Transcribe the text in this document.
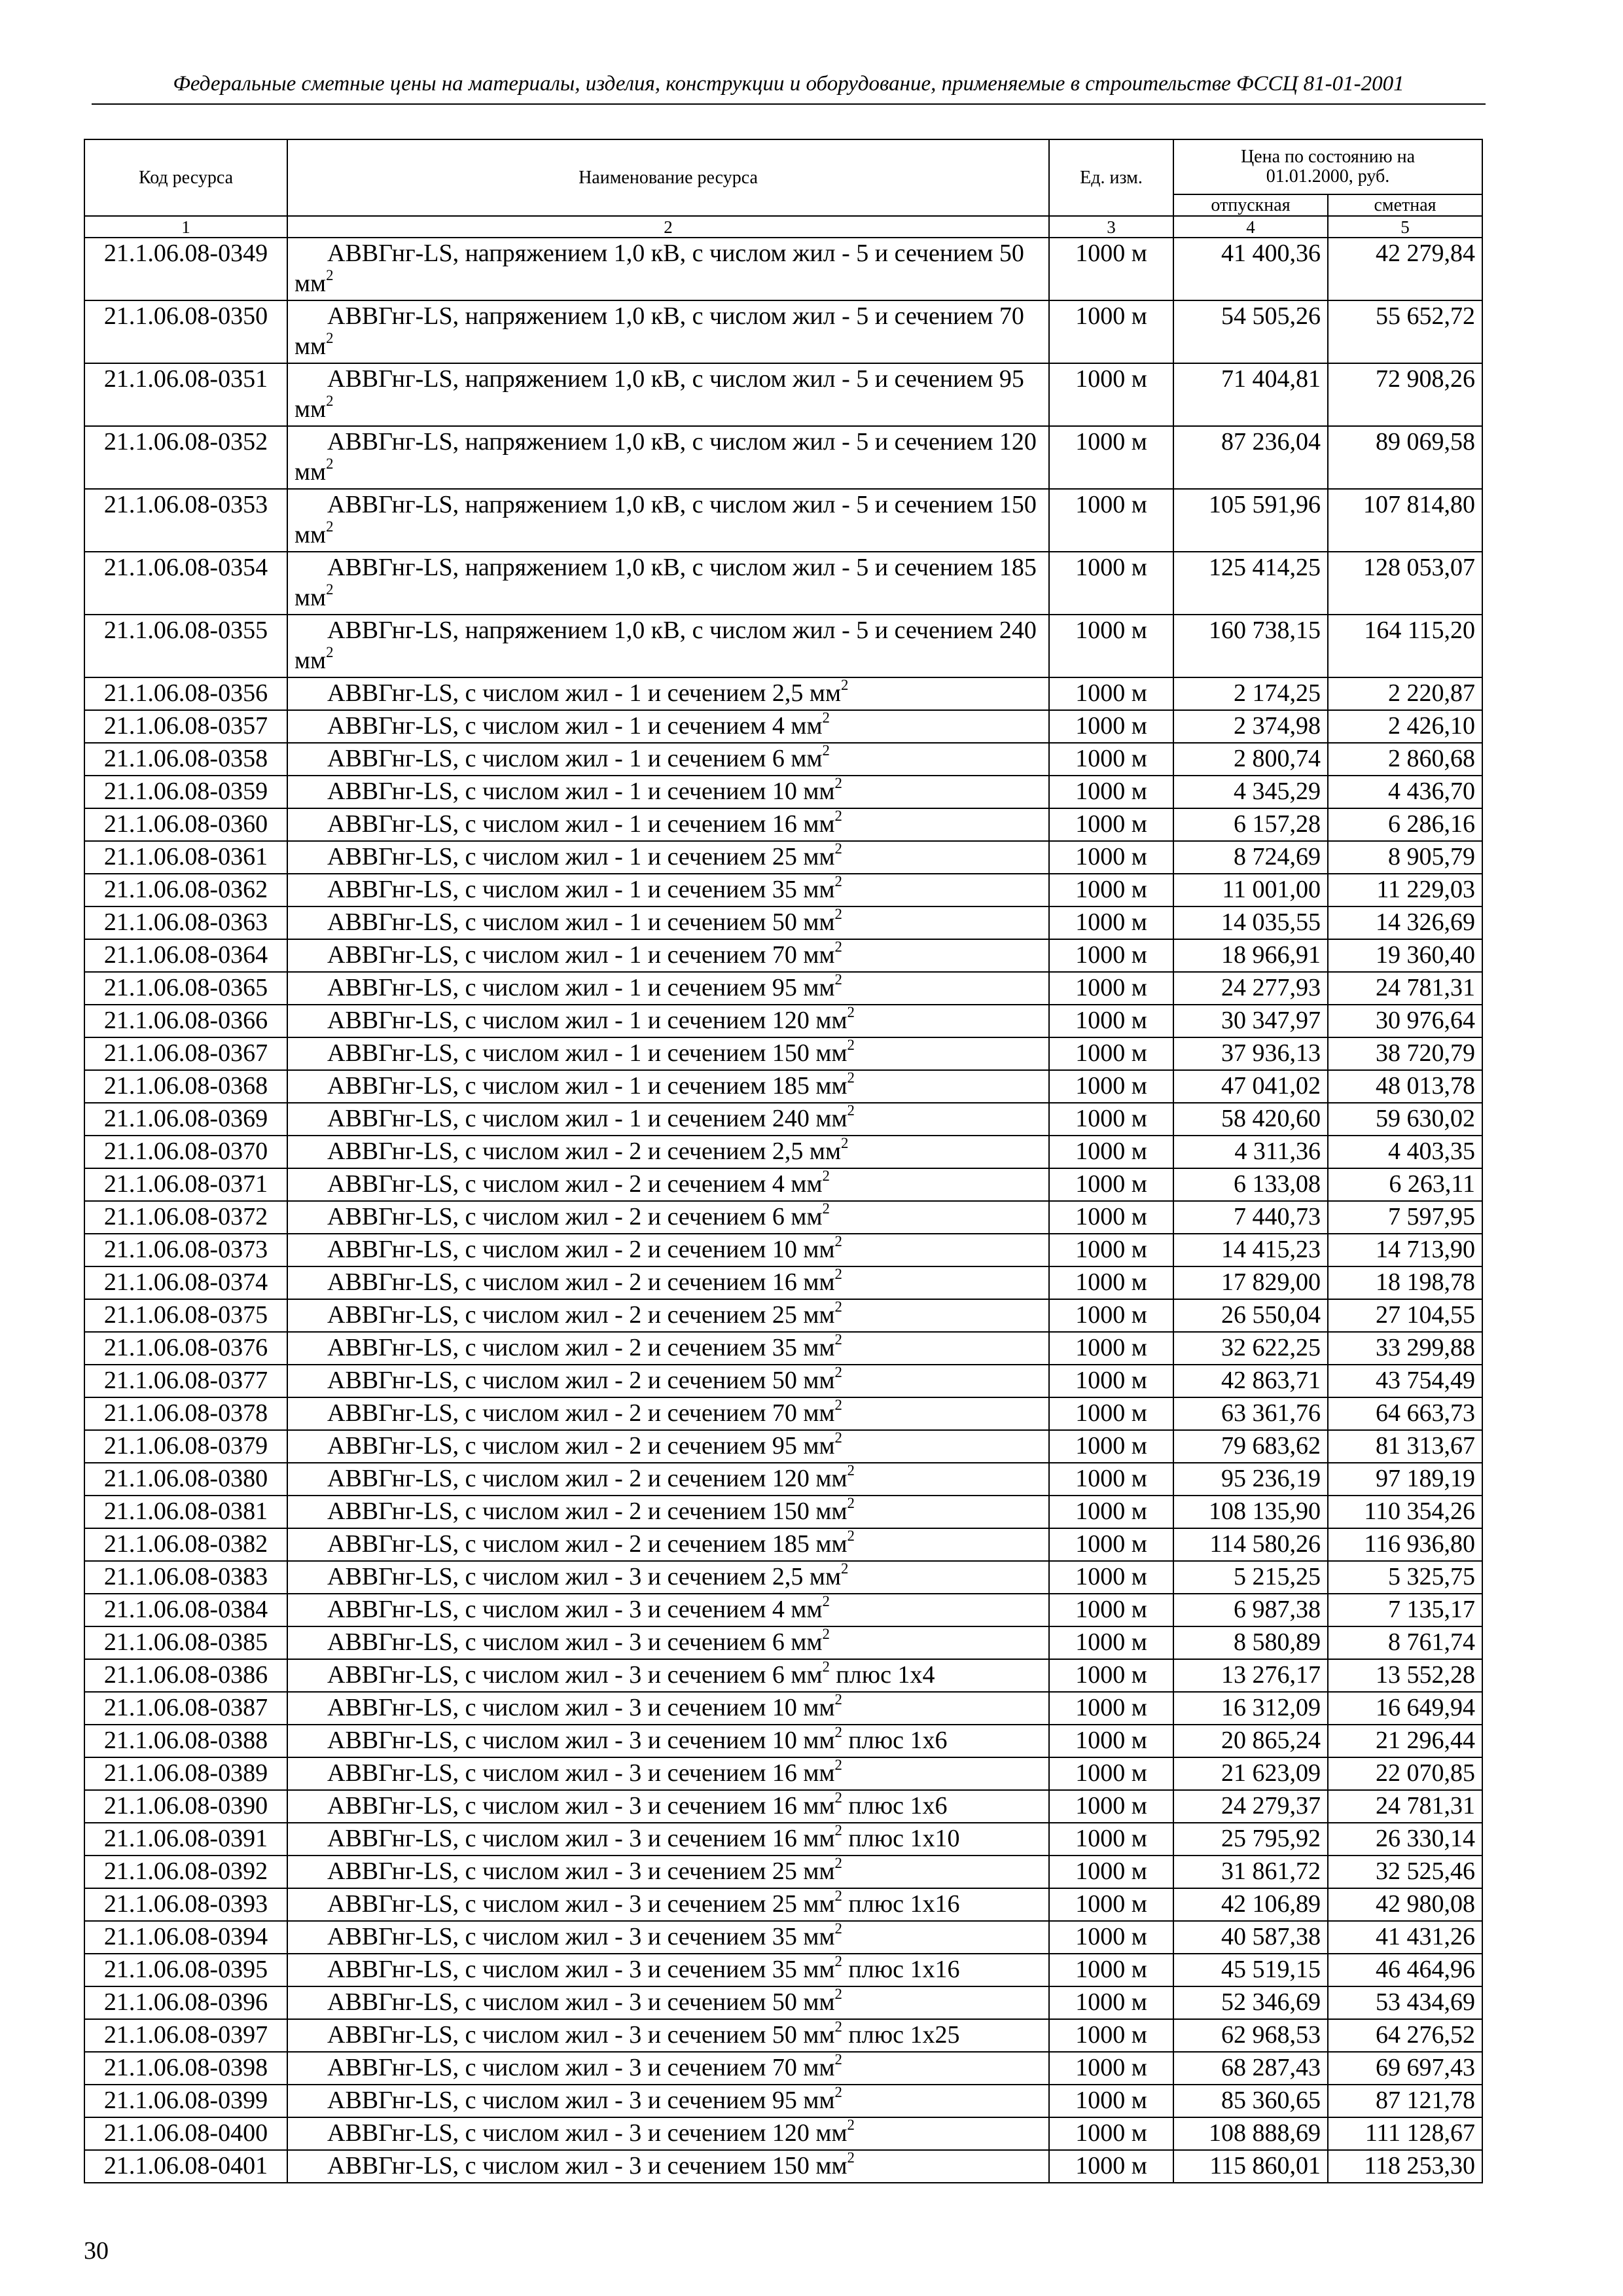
Федеральные сметные цены на материалы, изделия, конструкции и оборудование, применяемые в строительстве ФССЦ 81-01-2001
Код ресурса	Наименование ресурса	Ед. изм.	Цена по состоянию на 01.01.2000, руб.	
			отпускная	сметная
1	2	3	4	5
21.1.06.08-0349	АВВГнг-LS, напряжением 1,0 кВ, с числом жил - 5 и сечением 50 $мм^2$	1000 м	41 400,36	42 279,84
21.1.06.08-0350	АВВГнг-LS, напряжением 1,0 кВ, с числом жил - 5 и сечением 70 $мм^2$	1000 м	54 505,26	55 652,72
21.1.06.08-0351	АВВГнг-LS, напряжением 1,0 кВ, с числом жил - 5 и сечением 95 $мм^2$	1000 м	71 404,81	72 908,26
21.1.06.08-0352	АВВГнг-LS, напряжением 1,0 кВ, с числом жил - 5 и сечением 120 $мм^2$	1000 м	87 236,04	89 069,58
21.1.06.08-0353	АВВГнг-LS, напряжением 1,0 кВ, с числом жил - 5 и сечением 150 $мм^2$	1000 м	105 591,96	107 814,80
21.1.06.08-0354	АВВГнг-LS, напряжением 1,0 кВ, с числом жил - 5 и сечением 185 $мм^2$	1000 м	125 414,25	128 053,07
21.1.06.08-0355	АВВГнг-LS, напряжением 1,0 кВ, с числом жил - 5 и сечением 240 $мм^2$	1000 м	160 738,15	164 115,20
21.1.06.08-0356	АВВГнг-LS, с числом жил - 1 и сечением 2,5 $мм^2$	1000 м	2 174,25	2 220,87
21.1.06.08-0357	АВВГнг-LS, с числом жил - 1 и сечением 4 $мм^2$	1000 м	2 374,98	2 426,10
21.1.06.08-0358	АВВГнг-LS, с числом жил - 1 и сечением 6 $мм^2$	1000 м	2 800,74	2 860,68
21.1.06.08-0359	АВВГнг-LS, с числом жил - 1 и сечением 10 $мм^2$	1000 м	4 345,29	4 436,70
21.1.06.08-0360	АВВГнг-LS, с числом жил - 1 и сечением 16 $мм^2$	1000 м	6 157,28	6 286,16
21.1.06.08-0361	АВВГнг-LS, с числом жил - 1 и сечением 25 $мм^2$	1000 м	8 724,69	8 905,79
21.1.06.08-0362	АВВГнг-LS, с числом жил - 1 и сечением 35 $мм^2$	1000 м	11 001,00	11 229,03
21.1.06.08-0363	АВВГнг-LS, с числом жил - 1 и сечением 50 $мм^2$	1000 м	14 035,55	14 326,69
21.1.06.08-0364	АВВГнг-LS, с числом жил - 1 и сечением 70 $мм^2$	1000 м	18 966,91	19 360,40
21.1.06.08-0365	АВВГнг-LS, с числом жил - 1 и сечением 95 $мм^2$	1000 м	24 277,93	24 781,31
21.1.06.08-0366	АВВГнг-LS, с числом жил - 1 и сечением 120 $мм^2$	1000 м	30 347,97	30 976,64
21.1.06.08-0367	АВВГнг-LS, с числом жил - 1 и сечением 150 $мм^2$	1000 м	37 936,13	38 720,79
21.1.06.08-0368	АВВГнг-LS, с числом жил - 1 и сечением 185 $мм^2$	1000 м	47 041,02	48 013,78
21.1.06.08-0369	АВВГнг-LS, с числом жил - 1 и сечением 240 $мм^2$	1000 м	58 420,60	59 630,02
21.1.06.08-0370	АВВГнг-LS, с числом жил - 2 и сечением 2,5 $мм^2$	1000 м	4 311,36	4 403,35
21.1.06.08-0371	АВВГнг-LS, с числом жил - 2 и сечением 4 $мм^2$	1000 м	6 133,08	6 263,11
21.1.06.08-0372	АВВГнг-LS, с числом жил - 2 и сечением 6 $мм^2$	1000 м	7 440,73	7 597,95
21.1.06.08-0373	АВВГнг-LS, с числом жил - 2 и сечением 10 $мм^2$	1000 м	14 415,23	14 713,90
21.1.06.08-0374	АВВГнг-LS, с числом жил - 2 и сечением 16 $мм^2$	1000 м	17 829,00	18 198,78
21.1.06.08-0375	АВВГнг-LS, с числом жил - 2 и сечением 25 $мм^2$	1000 м	26 550,04	27 104,55
21.1.06.08-0376	АВВГнг-LS, с числом жил - 2 и сечением 35 $мм^2$	1000 м	32 622,25	33 299,88
21.1.06.08-0377	АВВГнг-LS, с числом жил - 2 и сечением 50 $мм^2$	1000 м	42 863,71	43 754,49
21.1.06.08-0378	АВВГнг-LS, с числом жил - 2 и сечением 70 $мм^2$	1000 м	63 361,76	64 663,73
21.1.06.08-0379	АВВГнг-LS, с числом жил - 2 и сечением 95 $мм^2$	1000 м	79 683,62	81 313,67
21.1.06.08-0380	АВВГнг-LS, с числом жил - 2 и сечением 120 $мм^2$	1000 м	95 236,19	97 189,19
21.1.06.08-0381	АВВГнг-LS, с числом жил - 2 и сечением 150 $мм^2$	1000 м	108 135,90	110 354,26
21.1.06.08-0382	АВВГнг-LS, с числом жил - 2 и сечением 185 $мм^2$	1000 м	114 580,26	116 936,80
21.1.06.08-0383	АВВГнг-LS, с числом жил - 3 и сечением 2,5 $мм^2$	1000 м	5 215,25	5 325,75
21.1.06.08-0384	АВВГнг-LS, с числом жил - 3 и сечением 4 $мм^2$	1000 м	6 987,38	7 135,17
21.1.06.08-0385	АВВГнг-LS, с числом жил - 3 и сечением 6 $мм^2$	1000 м	8 580,89	8 761,74
21.1.06.08-0386	АВВГнг-LS, с числом жил - 3 и сечением 6 $мм^2$ плюс 1x4	1000 м	13 276,17	13 552,28
21.1.06.08-0387	АВВГнг-LS, с числом жил - 3 и сечением 10 $мм^2$	1000 м	16 312,09	16 649,94
21.1.06.08-0388	АВВГнг-LS, с числом жил - 3 и сечением 10 $мм^2$ плюс 1x6	1000 м	20 865,24	21 296,44
21.1.06.08-0389	АВВГнг-LS, с числом жил - 3 и сечением 16 $мм^2$	1000 м	21 623,09	22 070,85
21.1.06.08-0390	АВВГнг-LS, с числом жил - 3 и сечением 16 $мм^2$ плюс 1x6	1000 м	24 279,37	24 781,31
21.1.06.08-0391	АВВГнг-LS, с числом жил - 3 и сечением 16 $мм^2$ плюс 1x10	1000 м	25 795,92	26 330,14
21.1.06.08-0392	АВВГнг-LS, с числом жил - 3 и сечением 25 $мм^2$	1000 м	31 861,72	32 525,46
21.1.06.08-0393	АВВГнг-LS, с числом жил - 3 и сечением 25 $мм^2$ плюс 1x16	1000 м	42 106,89	42 980,08
21.1.06.08-0394	АВВГнг-LS, с числом жил - 3 и сечением 35 $мм^2$	1000 м	40 587,38	41 431,26
21.1.06.08-0395	АВВГнг-LS, с числом жил - 3 и сечением 35 $мм^2$ плюс 1x16	1000 м	45 519,15	46 464,96
21.1.06.08-0396	АВВГнг-LS, с числом жил - 3 и сечением 50 $мм^2$	1000 м	52 346,69	53 434,69
21.1.06.08-0397	АВВГнг-LS, с числом жил - 3 и сечением 50 $мм^2$ плюс 1x25	1000 м	62 968,53	64 276,52
21.1.06.08-0398	АВВГнг-LS, с числом жил - 3 и сечением 70 $мм^2$	1000 м	68 287,43	69 697,43
21.1.06.08-0399	АВВГнг-LS, с числом жил - 3 и сечением 95 $мм^2$	1000 м	85 360,65	87 121,78
21.1.06.08-0400	АВВГнг-LS, с числом жил - 3 и сечением 120 $мм^2$	1000 м	108 888,69	111 128,67
21.1.06.08-0401	АВВГнг-LS, с числом жил - 3 и сечением 150 $мм^2$	1000 м	115 860,01	118 253,30
30
